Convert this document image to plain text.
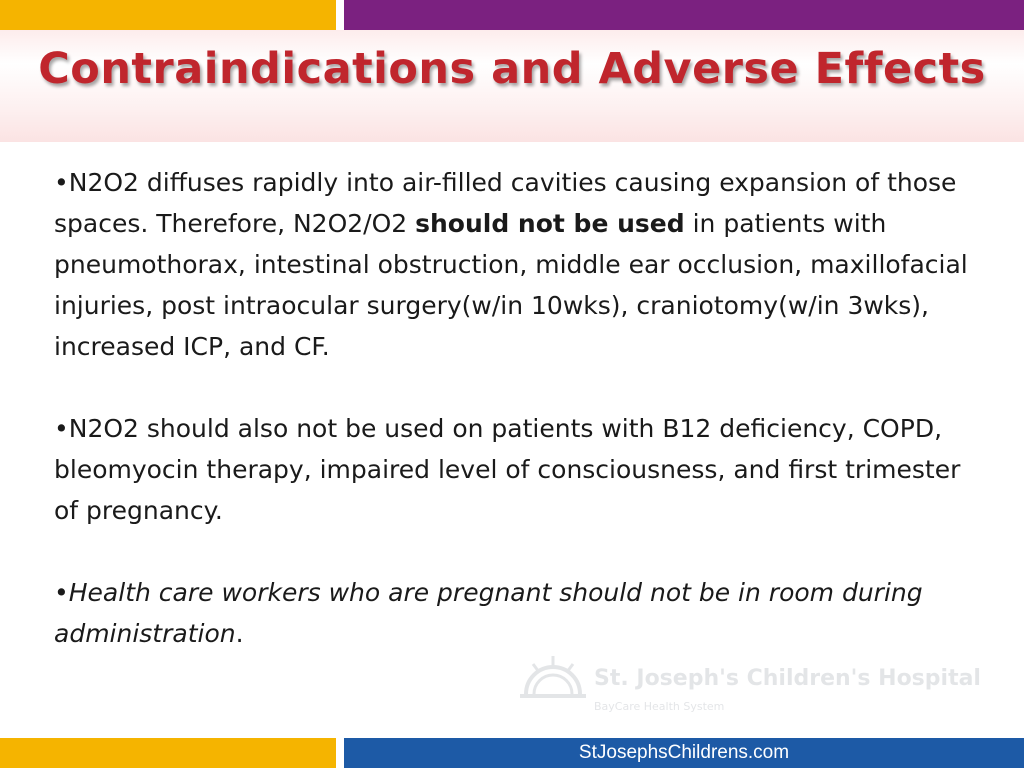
Contraindications and Adverse Effects

•N2O2 diffuses rapidly into air-filled cavities causing expansion of those spaces. Therefore, N2O2/O2 should not be used in patients with pneumothorax, intestinal obstruction, middle ear occlusion, maxillofacial injuries, post intraocular surgery(w/in 10wks), craniotomy(w/in 3wks), increased ICP, and CF.

•N2O2 should also not be used on patients with B12 deficiency, COPD, bleomyocin therapy, impaired level of consciousness, and first trimester of pregnancy.

•Health care workers who are pregnant should not be in room during administration.

St. Joseph's Children's Hospital
BayCare Health System
StJosephsChildrens.com
